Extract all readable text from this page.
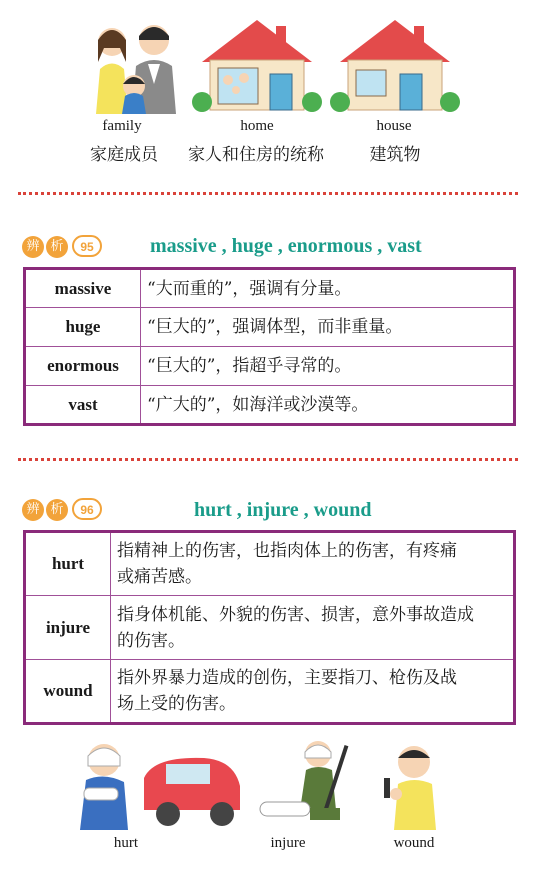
family	home	house
家庭成员	家人和住房的统称	建筑物
辨 析	95	massive , huge , enormous , vast
massive	“大而重的”，强调有分量。
huge	“巨大的”，强调体型，而非重量。
enormous	“巨大的”，指超乎寻常的。
vast	“广大的”，如海洋或沙漠等。
辨 析	96	hurt , injure , wound
hurt	指精神上的伤害，也指肉体上的伤害，有疼痛
或痛苦感。

injure	指身体机能、外貌的伤害、损害，意外事故造成
的伤害。

wound	指外界暴力造成的创伤，主要指刀、枪伤及战
场上受的伤害。
hurt	injure	wound
